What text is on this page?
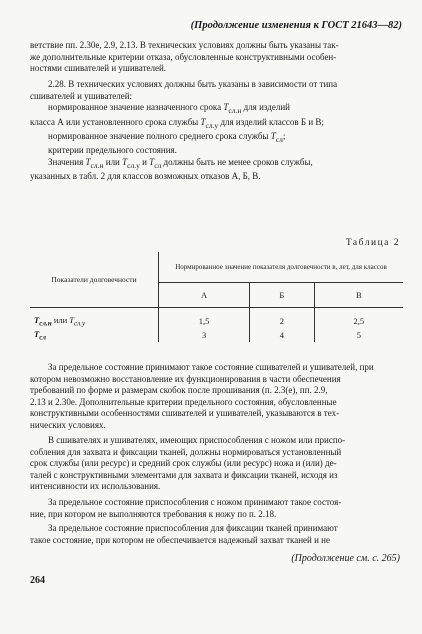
(Продолжение изменения к ГОСТ 21643—82)
ветствие пп. 2.30е, 2.9, 2.13. В технических условиях должны быть указаны так-
же дополнительные критерии отказа, обусловленные конструктивными особен-
ностями сшивателей и ушивателей.
2.28. В технических условиях должны быть указаны в зависимости от типа
сшивателей и ушивателей:
нормированное значение назначенного срока $T_{сл.н}$ для изделий
класса А или установленного срока службы $T_{сл.у}$ для изделий классов Б и В;
нормированное значение полного среднего срока службы $T_{сл}$;
критерии предельного состояния.
Значения $T_{сл.н}$ или $T_{сл.у}$ и $T_{сл}$ должны быть не менее сроков службы,
указанных в табл. 2 для классов возможных отказов А, Б, В.
Таблица 2
Показатели долговечности	Нормированное значение показателя долговечности в, лет, для классов		
	А	Б	В
$T_{сл.н}$ или $T_{сл.у}$	1,5	2	2,5
$T_{сл}$	3	4	5
За предельное состояние принимают такое состояние сшивателей и ушивателей, при
котором невозможно восстановление их функционирования в части обеспечения
требований по форме и размерам скобок после прошивания (п. 2.3(е), пп. 2.9,
2.13 и 2.30е. Дополнительные критерии предельного состояния, обусловленные
конструктивными особенностями сшивателей и ушивателей, указываются в тех-
нических условиях.
В сшивателях и ушивателях, имеющих приспособления с ножом или приспо-
собления для захвата и фиксации тканей, должны нормироваться установленный
срок службы (или ресурс) и средний срок службы (или ресурс) ножа и (или) де-
талей с конструктивными элементами для захвата и фиксации тканей, исходя из
интенсивности их использования.
За предельное состояние приспособления с ножом принимают такое состоя-
ние, при котором не выполняются требования к ножу по п. 2.18.
За предельное состояние приспособления для фиксации тканей принимают
такое состояние, при котором не обеспечивается надежный захват тканей и не
(Продолжение см. с. 265)
264
